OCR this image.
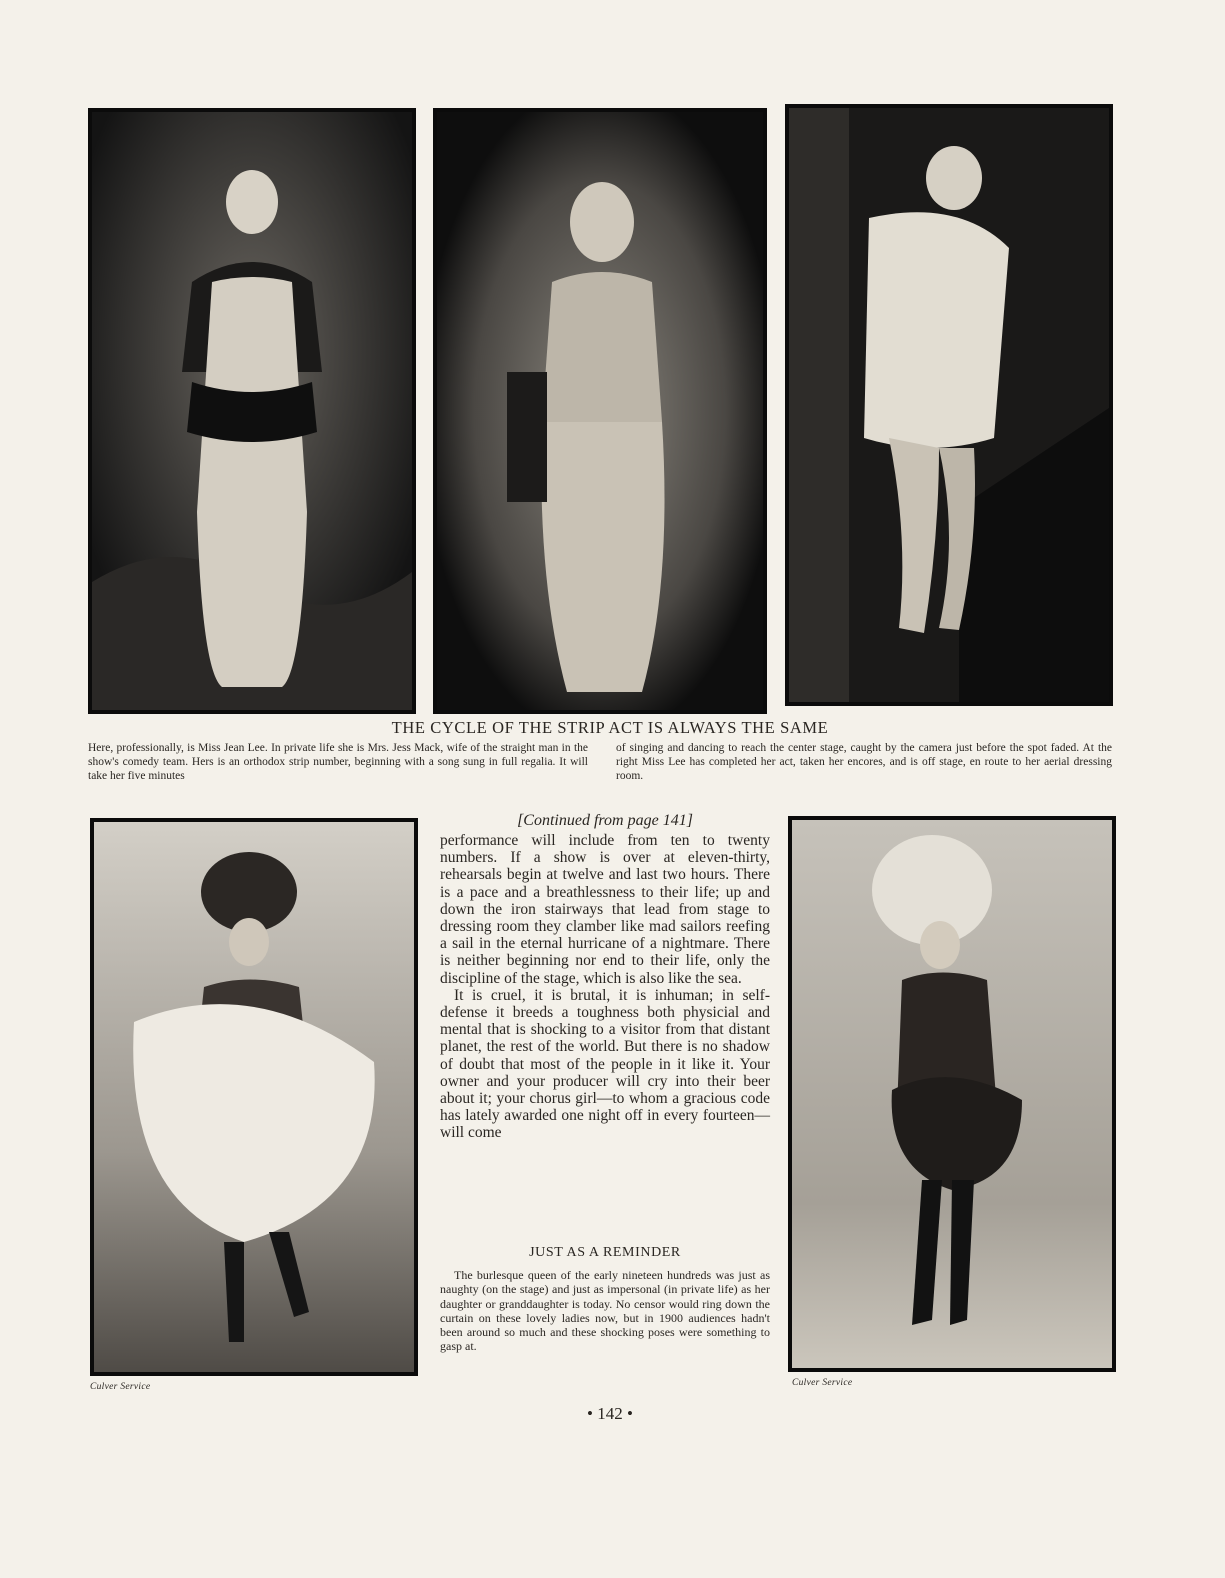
THE CYCLE OF THE STRIP ACT IS ALWAYS THE SAME
Here, professionally, is Miss Jean Lee. In private life she is Mrs. Jess Mack, wife of the straight man in the show's comedy team. Hers is an orthodox strip number, beginning with a song sung in full regalia. It will take her five minutes
of singing and dancing to reach the center stage, caught by the camera just before the spot faded. At the right Miss Lee has completed her act, taken her encores, and is off stage, en route to her aerial dressing room.
[Continued from page 141]

performance will include from ten to twenty numbers. If a show is over at eleven-thirty, rehearsals begin at twelve and last two hours. There is a pace and a breathlessness to their life; up and down the iron stairways that lead from stage to dressing room they clamber like mad sailors reefing a sail in the eternal hurricane of a nightmare. There is neither beginning nor end to their life, only the discipline of the stage, which is also like the sea.

It is cruel, it is brutal, it is inhuman; in self-defense it breeds a toughness both physicial and mental that is shocking to a visitor from that distant planet, the rest of the world. But there is no shadow of doubt that most of the people in it like it. Your owner and your producer will cry into their beer about it; your chorus girl—to whom a gracious code has lately awarded one night off in every fourteen—will come

JUST AS A REMINDER
The burlesque queen of the early nineteen hundreds was just as naughty (on the stage) and just as impersonal (in private life) as her daughter or granddaughter is today. No censor would ring down the curtain on these lovely ladies now, but in 1900 audiences hadn't been around so much and these shocking poses were something to gasp at.
Culver Service	Culver Service
• 142 •
